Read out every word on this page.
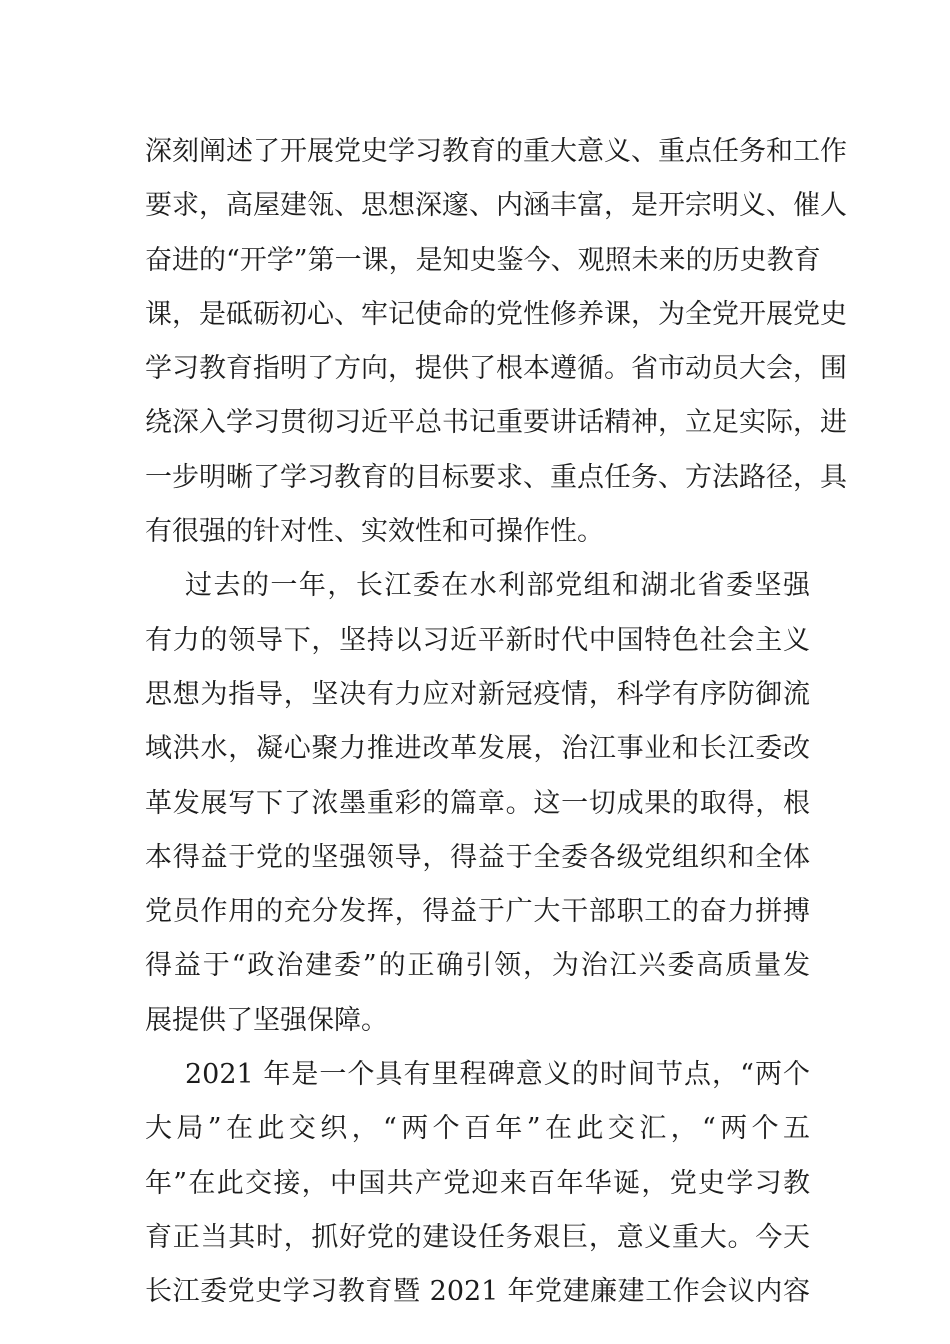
深刻阐述了开展党史学习教育的重大意义、重点任务和工作
要求，高屋建瓴、思想深邃、内涵丰富，是开宗明义、催人
奋进的“开学”第一课，是知史鉴今、观照未来的历史教育
课，是砥砺初心、牢记使命的党性修养课，为全党开展党史
学习教育指明了方向，提供了根本遵循。省市动员大会，围
绕深入学习贯彻习近平总书记重要讲话精神，立足实际，进
一步明晰了学习教育的目标要求、重点任务、方法路径，具
有很强的针对性、实效性和可操作性。
过去的一年，长江委在水利部党组和湖北省委坚强
有力的领导下，坚持以习近平新时代中国特色社会主义
思想为指导，坚决有力应对新冠疫情，科学有序防御流
域洪水，凝心聚力推进改革发展，治江事业和长江委改
革发展写下了浓墨重彩的篇章。这一切成果的取得，根
本得益于党的坚强领导，得益于全委各级党组织和全体
党员作用的充分发挥，得益于广大干部职工的奋力拼搏
得益于“政治建委”的正确引领，为治江兴委高质量发
展提供了坚强保障。
2021 年是一个具有里程碑意义的时间节点，“两个
大局”在此交织，“两个百年”在此交汇，“两个五
年”在此交接，中国共产党迎来百年华诞，党史学习教
育正当其时，抓好党的建设任务艰巨，意义重大。今天
长江委党史学习教育暨 2021 年党建廉建工作会议内容
